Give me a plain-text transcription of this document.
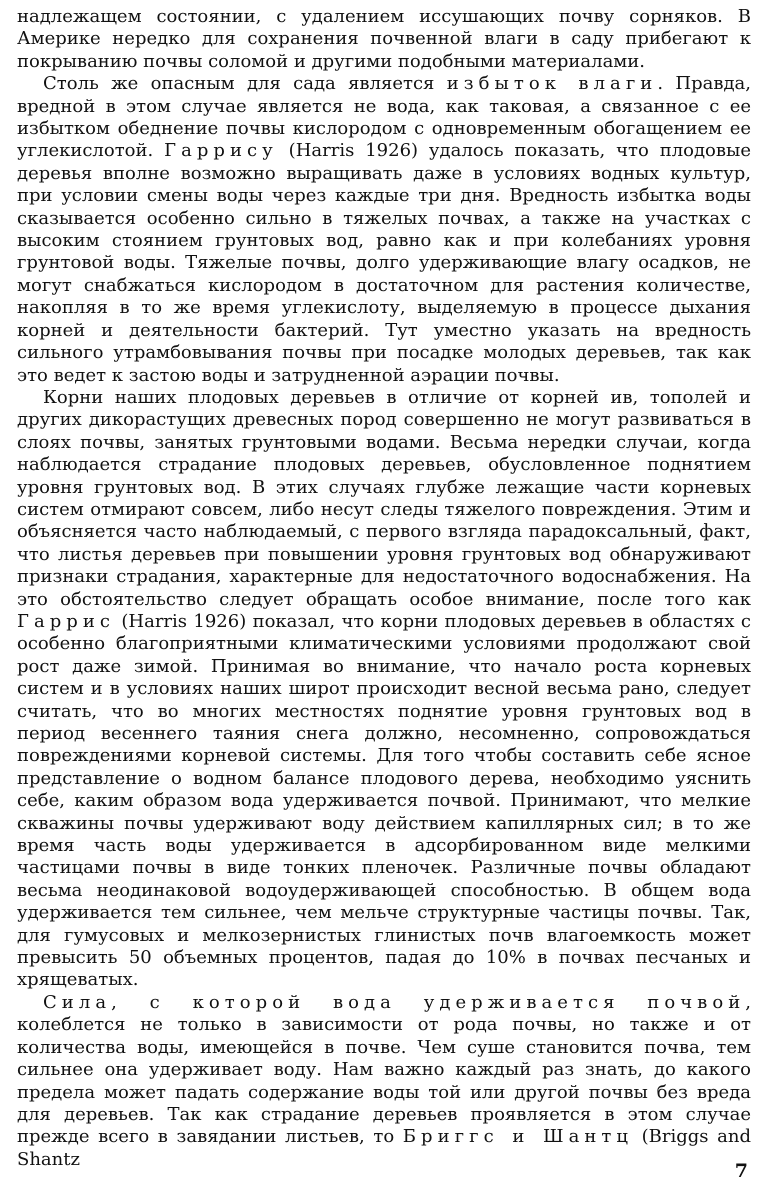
надлежащем состоянии, с удалением иссушающих почву сорняков. В Америке нередко для сохранения почвенной влаги в саду прибегают к покрыванию почвы соломой и другими подобными материалами.

Столь же опасным для сада является избыток влаги. Правда, вредной в этом случае является не вода, как таковая, а связанное с ее избытком обеднение почвы кислородом с одновременным обогащением ее углекислотой. Гаррису (Harris 1926) удалось показать, что плодовые деревья вполне возможно выращивать даже в условиях водных культур, при условии смены воды через каждые три дня. Вредность избытка воды сказывается особенно сильно в тяжелых почвах, а также на участках с высоким стоянием грунтовых вод, равно как и при колебаниях уровня грунтовой воды. Тяжелые почвы, долго удерживающие влагу осадков, не могут снабжаться кислородом в достаточном для растения количестве, накопляя в то же время углекислоту, выделяемую в процессе дыхания корней и деятельности бактерий. Тут уместно указать на вредность сильного утрамбовывания почвы при посадке молодых деревьев, так как это ведет к застою воды и затрудненной аэрации почвы.

Корни наших плодовых деревьев в отличие от корней ив, тополей и других дикорастущих древесных пород совершенно не могут развиваться в слоях почвы, занятых грунтовыми водами. Весьма нередки случаи, когда наблюдается страдание плодовых деревьев, обусловленное поднятием уровня грунтовых вод. В этих случаях глубже лежащие части корневых систем отмирают совсем, либо несут следы тяжелого повреждения. Этим и объясняется часто наблюдаемый, с первого взгляда парадоксальный, факт, что листья деревьев при повышении уровня грунтовых вод обнаруживают признаки страдания, характерные для недостаточного водоснабжения. На это обстоятельство следует обращать особое внимание, после того как Гаррис (Harris 1926) показал, что корни плодовых деревьев в областях с особенно благоприятными климатическими условиями продолжают свой рост даже зимой. Принимая во внимание, что начало роста корневых систем и в условиях наших широт происходит весной весьма рано, следует считать, что во многих местностях поднятие уровня грунтовых вод в период весеннего таяния снега должно, несомненно, сопровождаться повреждениями корневой системы. Для того чтобы составить себе ясное представление о водном балансе плодового дерева, необходимо уяснить себе, каким образом вода удерживается почвой. Принимают, что мелкие скважины почвы удерживают воду действием капиллярных сил; в то же время часть воды удерживается в адсорбированном виде мелкими частицами почвы в виде тонких пленочек. Различные почвы обладают весьма неодинаковой водоудерживающей способностью. В общем вода удерживается тем сильнее, чем мельче структурные частицы почвы. Так, для гумусовых и мелкозернистых глинистых почв влагоемкость может превысить 50 объемных процентов, падая до 10% в почвах песчаных и хрящеватых.

Сила, с которой вода удерживается почвой, колеблется не только в зависимости от рода почвы, но также и от количества воды, имеющейся в почве. Чем суше становится почва, тем сильнее она удерживает воду. Нам важно каждый раз знать, до какого предела может падать содержание воды той или другой почвы без вреда для деревьев. Так как страдание деревьев проявляется в этом случае прежде всего в завядании листьев, то Бриггс и Шантц (Briggs and Shantz

7
